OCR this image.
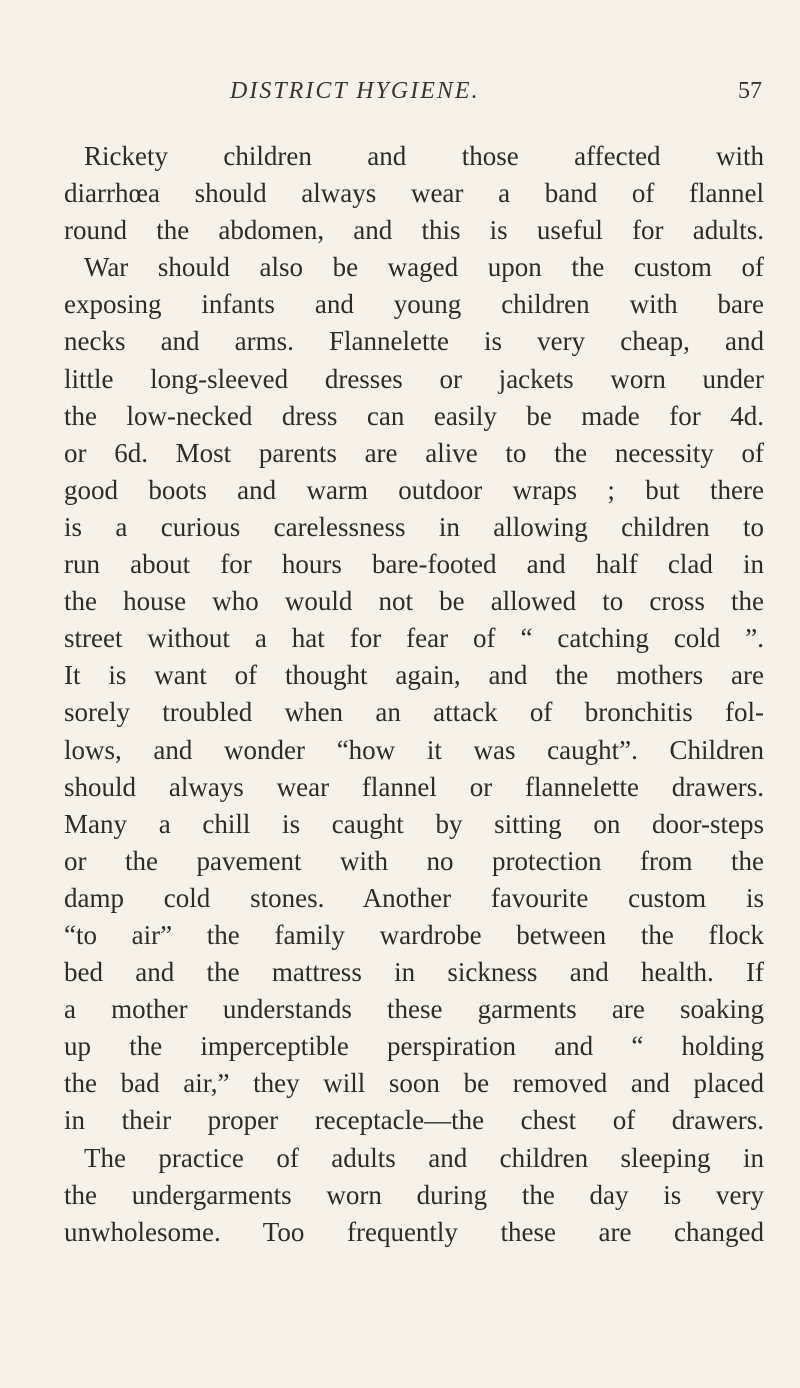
DISTRICT HYGIENE.	57
Rickety children and those affected with
diarrhœa should always wear a band of flannel
round the abdomen, and this is useful for adults.
War should also be waged upon the custom of
exposing infants and young children with bare
necks and arms. Flannelette is very cheap, and
little long-sleeved dresses or jackets worn under
the low-necked dress can easily be made for 4d.
or 6d. Most parents are alive to the necessity of
good boots and warm outdoor wraps ; but there
is a curious carelessness in allowing children to
run about for hours bare-footed and half clad in
the house who would not be allowed to cross the
street without a hat for fear of “ catching cold ”.
It is want of thought again, and the mothers are
sorely troubled when an attack of bronchitis fol-
lows, and wonder “how it was caught”. Children
should always wear flannel or flannelette drawers.
Many a chill is caught by sitting on door-steps
or the pavement with no protection from the
damp cold stones. Another favourite custom is
“to air” the family wardrobe between the flock
bed and the mattress in sickness and health. If
a mother understands these garments are soaking
up the imperceptible perspiration and “ holding
the bad air,” they will soon be removed and placed
in their proper receptacle—the chest of drawers.
The practice of adults and children sleeping in
the undergarments worn during the day is very
unwholesome. Too frequently these are changed
